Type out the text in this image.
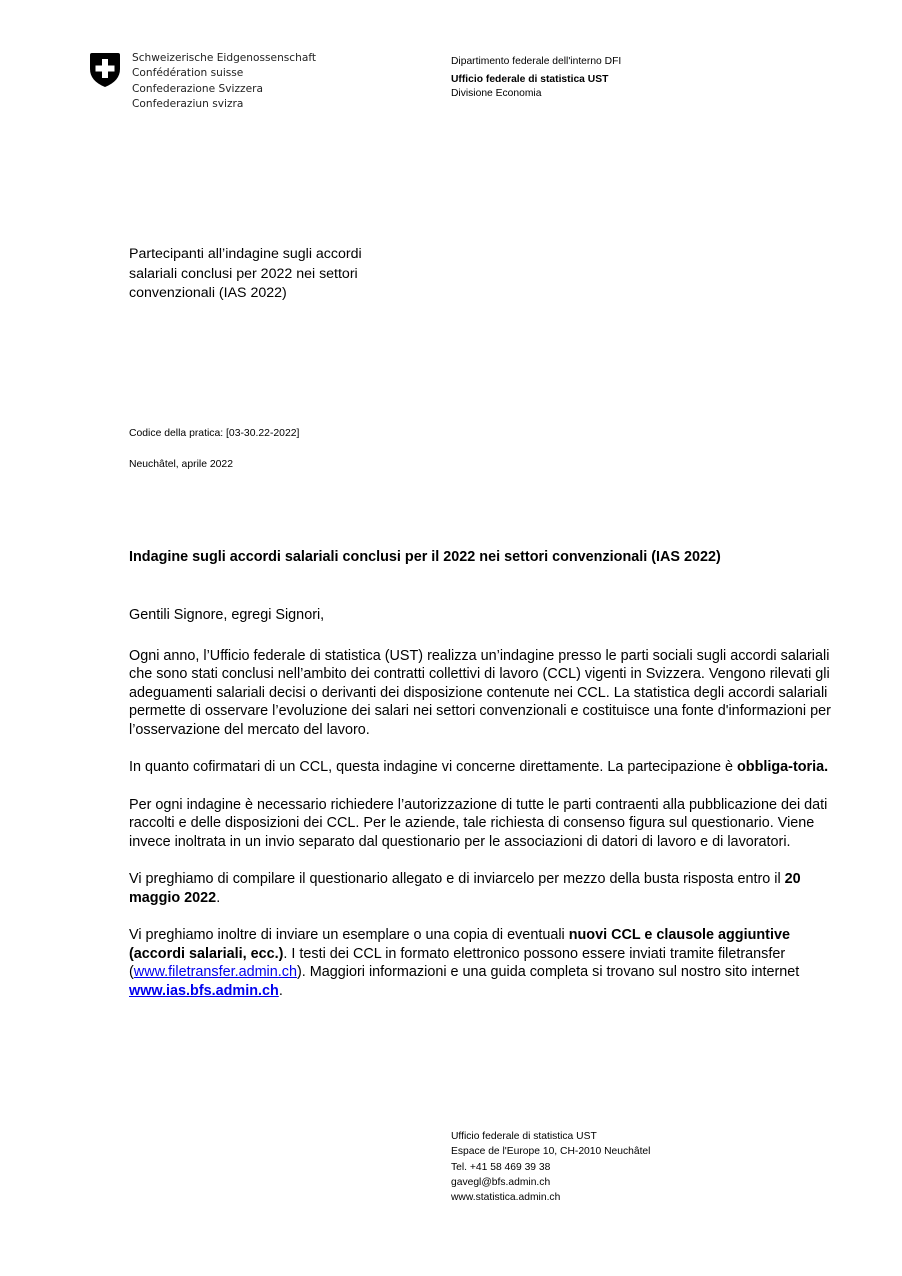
Schweizerische Eidgenossenschaft
Confédération suisse
Confederazione Svizzera
Confederaziun svizra
Dipartimento federale dell'interno DFI
Ufficio federale di statistica UST
Divisione Economia
Partecipanti all’indagine sugli accordi salariali conclusi per 2022 nei settori convenzionali (IAS 2022)
Codice della pratica: [03-30.22-2022]
Neuchâtel, aprile 2022
Indagine sugli accordi salariali conclusi per il 2022 nei settori convenzionali (IAS 2022)

Gentili Signore, egregi Signori,

Ogni anno, l’Ufficio federale di statistica (UST) realizza un’indagine presso le parti sociali sugli accordi salariali che sono stati conclusi nell’ambito dei contratti collettivi di lavoro (CCL) vigenti in Svizzera. Vengono rilevati gli adeguamenti salariali decisi o derivanti dei disposizione contenute nei CCL. La statistica degli accordi salariali permette di osservare l’evoluzione dei salari nei settori convenzionali e costituisce una fonte d'informazioni per l’osservazione del mercato del lavoro.

In quanto cofirmatari di un CCL, questa indagine vi concerne direttamente. La partecipazione è obbliga-toria.

Per ogni indagine è necessario richiedere l’autorizzazione di tutte le parti contraenti alla pubblicazione dei dati raccolti e delle disposizioni dei CCL. Per le aziende, tale richiesta di consenso figura sul questionario. Viene invece inoltrata in un invio separato dal questionario per le associazioni di datori di lavoro e di lavoratori.

Vi preghiamo di compilare il questionario allegato e di inviarcelo per mezzo della busta risposta entro il 20 maggio 2022.

Vi preghiamo inoltre di inviare un esemplare o una copia di eventuali nuovi CCL e clausole aggiuntive (accordi salariali, ecc.). I testi dei CCL in formato elettronico possono essere inviati tramite filetransfer (www.filetransfer.admin.ch). Maggiori informazioni e una guida completa si trovano sul nostro sito internet www.ias.bfs.admin.ch.

Ufficio federale di statistica UST
Espace de l'Europe 10, CH-2010 Neuchâtel
Tel. +41 58 469 39 38
gavegl@bfs.admin.ch
www.statistica.admin.ch
